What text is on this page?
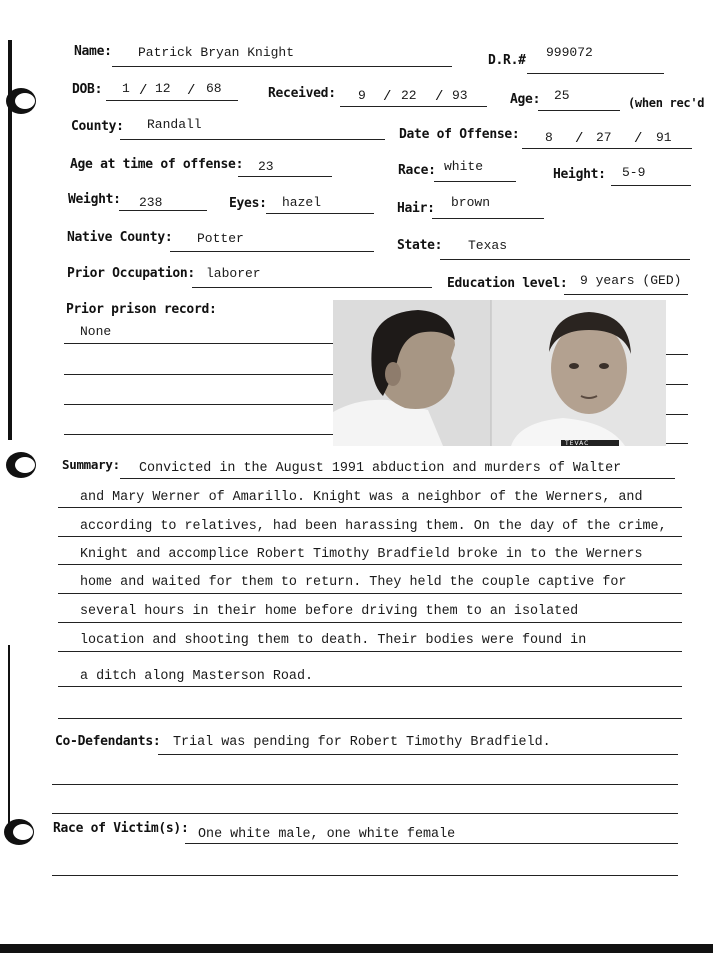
Name: Patrick Bryan Knight
D.R.#
999072
DOB: 1 / 12 / 68	Received: 9 / 22 / 93	Age: 25	(when rec'd
County: Randall
Date of Offense: 8 / 27 / 91
Age at time of offense: 23	Race: white
Height: 5-9
Weight: 238	Eyes: hazel	Hair: brown
Native County: Potter	State: Texas
Prior Occupation: laborer
Education level: 9 years (GED)
Prior prison record:
None
TEVAC
Summary: Convicted in the August 1991 abduction and murders of Walter
and Mary Werner of Amarillo. Knight was a neighbor of the Werners, and
according to relatives, had been harassing them. On the day of the crime,
Knight and accomplice Robert Timothy Bradfield broke in to the Werners
home and waited for them to return. They held the couple captive for
several hours in their home before driving them to an isolated
location and shooting them to death. Their bodies were found in
a ditch along Masterson Road.
Co-Defendants: Trial was pending for Robert Timothy Bradfield.
Race of Victim(s): One white male, one white female
